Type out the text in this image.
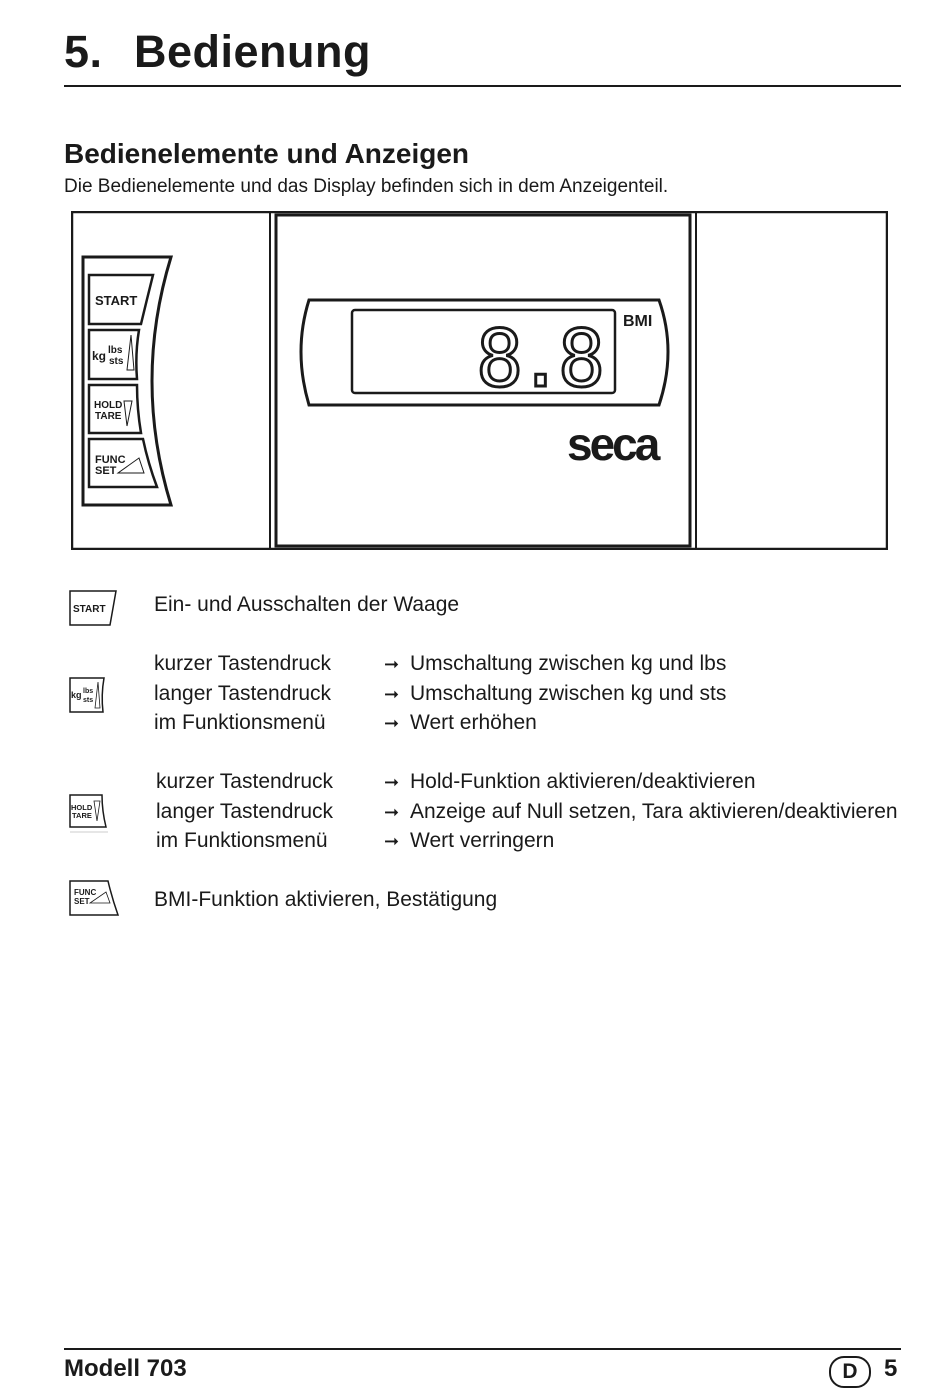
5. Bedienung
Bedienelemente und Anzeigen

Die Bedienelemente und das Display befinden sich in dem Anzeigenteil.

START
kg lbs
sts
HOLD
TARE
FUNC
SET
8.8 BMI
seca
START Ein- und Ausschalten der Waage
kg lbs
sts
kurzer Tastendruck	➞ Umschaltung zwischen kg und lbs
langer Tastendruck	➞ Umschaltung zwischen kg und sts
im Funktionsmenü	➞ Wert erhöhen
HOLD
TARE
kurzer Tastendruck	➞ Hold-Funktion aktivieren/deaktivieren
langer Tastendruck	➞ Anzeige auf Null setzen, Tara aktivieren/deaktivieren
im Funktionsmenü	➞ Wert verringern
FUNC
SET	BMI-Funktion aktivieren, Bestätigung
Modell 703	D	5
